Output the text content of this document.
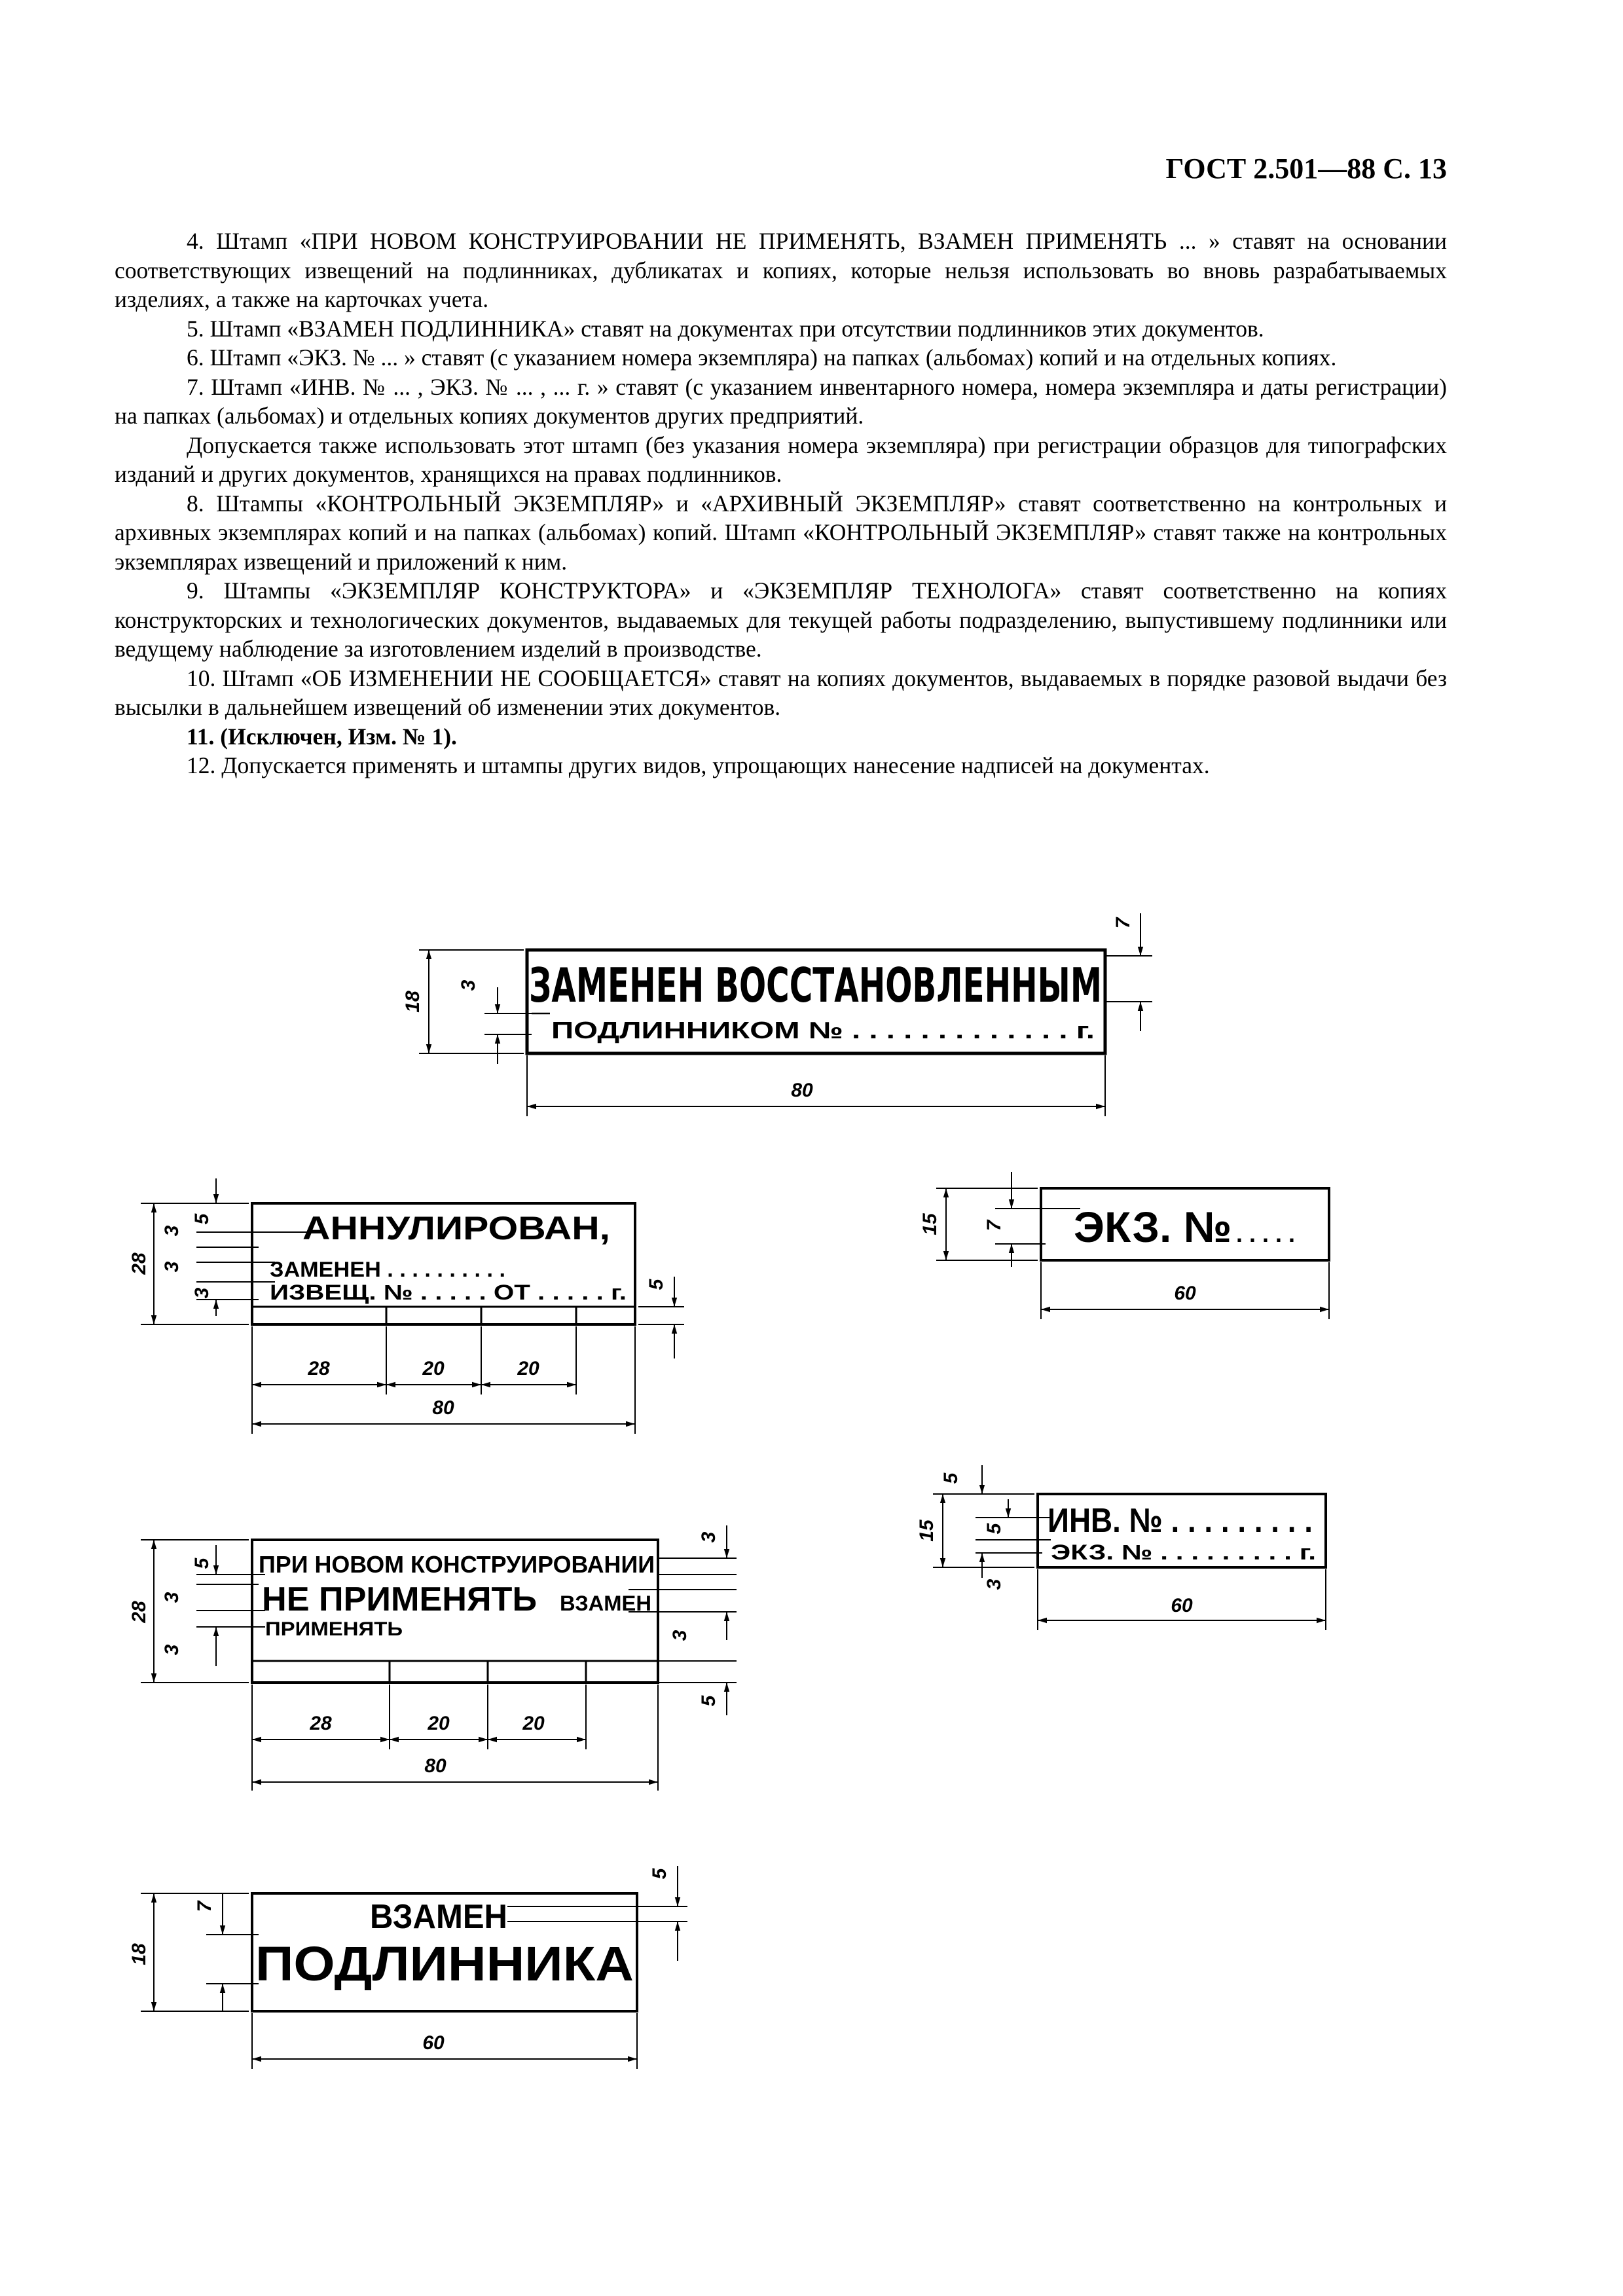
ГОСТ 2.501—88 С. 13

4. Штамп «ПРИ НОВОМ КОНСТРУИРОВАНИИ НЕ ПРИМЕНЯТЬ, ВЗАМЕН ПРИМЕНЯТЬ ... » ставят на основании соответствующих извещений на подлинниках, дубликатах и копиях, которые нельзя использовать во вновь разрабатываемых изделиях, а также на карточках учета.

5. Штамп «ВЗАМЕН ПОДЛИННИКА» ставят на документах при отсутствии подлинников этих документов.

6. Штамп «ЭКЗ. № ... » ставят (с указанием номера экземпляра) на папках (альбомах) копий и на отдельных копиях.

7. Штамп «ИНВ. № ... , ЭКЗ. № ... , ... г. » ставят (с указанием инвентарного номера, номера экземпляра и даты регистрации) на папках (альбомах) и отдельных копиях документов других предприятий.

Допускается также использовать этот штамп (без указания номера экземпляра) при регистрации образцов для типографских изданий и других документов, хранящихся на правах подлинников.

8. Штампы «КОНТРОЛЬНЫЙ ЭКЗЕМПЛЯР» и «АРХИВНЫЙ ЭКЗЕМПЛЯР» ставят соответственно на контрольных и архивных экземплярах копий и на папках (альбомах) копий. Штамп «КОНТРОЛЬНЫЙ ЭКЗЕМПЛЯР» ставят также на контрольных экземплярах извещений и приложений к ним.

9. Штампы «ЭКЗЕМПЛЯР КОНСТРУКТОРА» и «ЭКЗЕМПЛЯР ТЕХНОЛОГА» ставят соответственно на копиях конструкторских и технологических документов, выдаваемых для текущей работы подразделению, выпустившему подлинники или ведущему наблюдение за изготовлением изделий в производстве.

10. Штамп «ОБ ИЗМЕНЕНИИ НЕ СООБЩАЕТСЯ» ставят на копиях документов, выдаваемых в порядке разовой выдачи без высылки в дальнейшем извещений об изменении этих документов.

11. (Исключен, Изм. № 1).

12. Допускается применять и штампы других видов, упрощающих нанесение надписей на документах.

ЗАМЕНЕН ВОССТАНОВЛЕННЫМ
ПОДЛИННИКОМ № . . . . . . . . . . . . . г.
18
3
7
80
АННУЛИРОВАН,
ЗАМЕНЕН . . . . . . . . . .
ИЗВЕЩ. № . . . . . ОТ . . . . . г.
28
5
3
3
3
5
28	20	20
80
ЭКЗ. № . . . . .
15 7
60
ИНВ. № . . . . . . . . .
ЭКЗ. № . . . . . . . . . г.
5
15 5
3
60
ПРИ НОВОМ КОНСТРУИРОВАНИИ
НЕ ПРИМЕНЯТЬ ВЗАМЕН
ПРИМЕНЯТЬ
28
5
3
3
3
3
5
28	20	20
80
ВЗАМЕН
ПОДЛИННИКА
18
7
5
60
